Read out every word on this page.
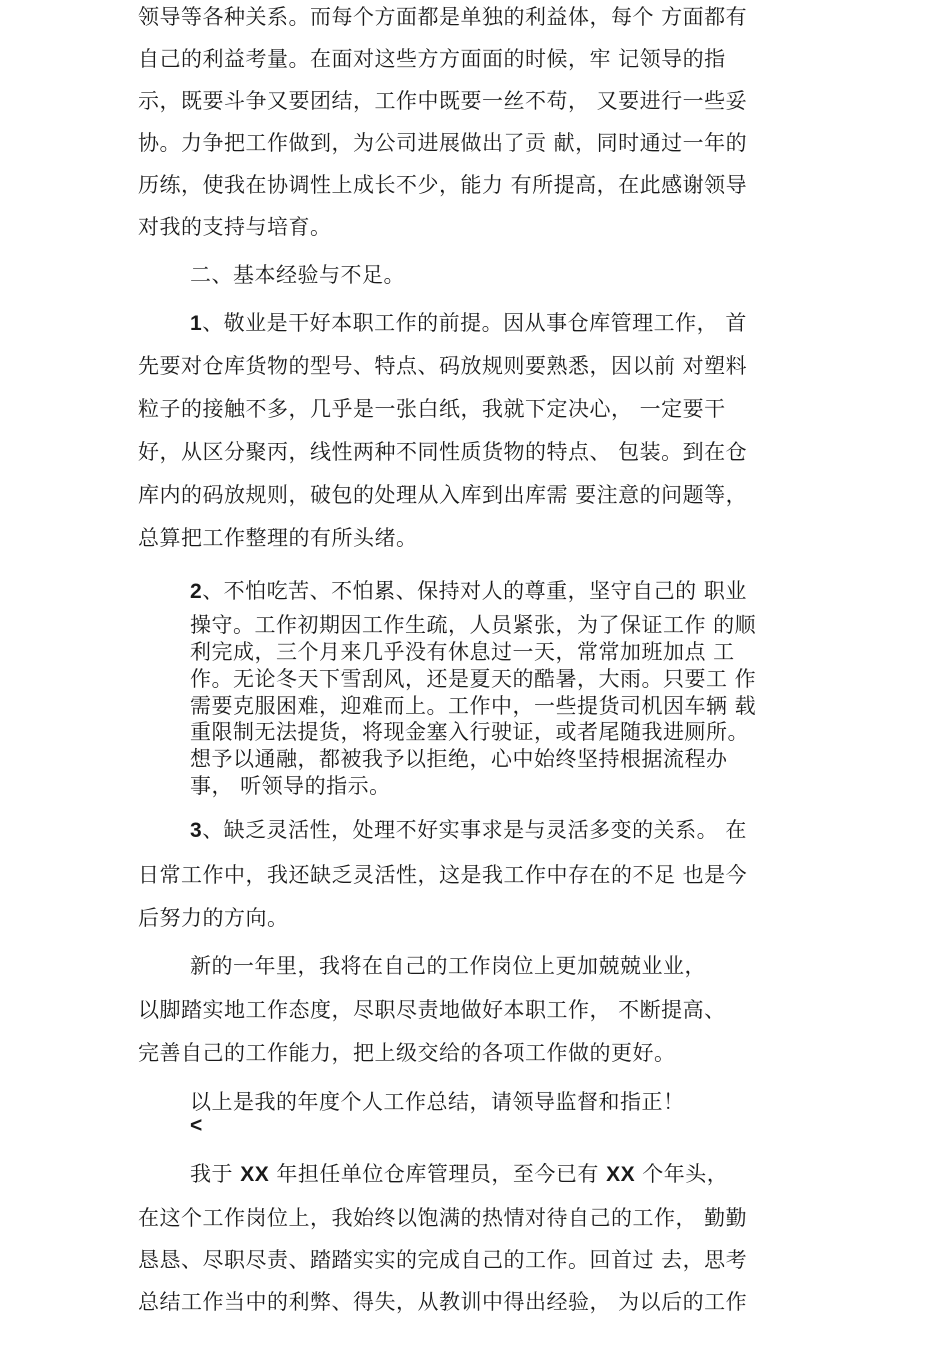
领导等各种关系。而每个方面都是单独的利益体，每个 方面都有
自己的利益考量。在面对这些方方面面的时候，牢 记领导的指
示，既要斗争又要团结，工作中既要一丝不苟， 又要进行一些妥
协。力争把工作做到，为公司进展做出了贡 献，同时通过一年的
历练，使我在协调性上成长不少，能力 有所提高，在此感谢领导
对我的支持与培育。
二、基本经验与不足。
1、敬业是干好本职工作的前提。因从事仓库管理工作， 首
先要对仓库货物的型号、特点、码放规则要熟悉，因以前 对塑料
粒子的接触不多，几乎是一张白纸，我就下定决心， 一定要干
好，从区分聚丙，线性两种不同性质货物的特点、 包装。到在仓
库内的码放规则，破包的处理从入库到出库需 要注意的问题等，
总算把工作整理的有所头绪。
2、不怕吃苦、不怕累、保持对人的尊重，坚守自己的 职业
操守。工作初期因工作生疏，人员紧张，为了保证工作 的顺
利完成，三个月来几乎没有休息过一天，常常加班加点 工
作。无论冬天下雪刮风，还是夏天的酷暑，大雨。只要工 作
需要克服困难，迎难而上。工作中，一些提货司机因车辆 载
重限制无法提货，将现金塞入行驶证，或者尾随我进厕所。
想予以通融，都被我予以拒绝，心中始终坚持根据流程办
事， 听领导的指示。
3、缺乏灵活性，处理不好实事求是与灵活多变的关系。 在
日常工作中，我还缺乏灵活性，这是我工作中存在的不足 也是今
后努力的方向。
新的一年里，我将在自己的工作岗位上更加兢兢业业，
以脚踏实地工作态度，尽职尽责地做好本职工作， 不断提高、
完善自己的工作能力，把上级交给的各项工作做的更好。
以上是我的年度个人工作总结，请领导监督和指正！
<
我于 XX 年担任单位仓库管理员，至今已有 XX 个年头，
在这个工作岗位上，我始终以饱满的热情对待自己的工作， 勤勤
恳恳、尽职尽责、踏踏实实的完成自己的工作。回首过 去，思考
总结工作当中的利弊、得失，从教训中得出经验， 为以后的工作
